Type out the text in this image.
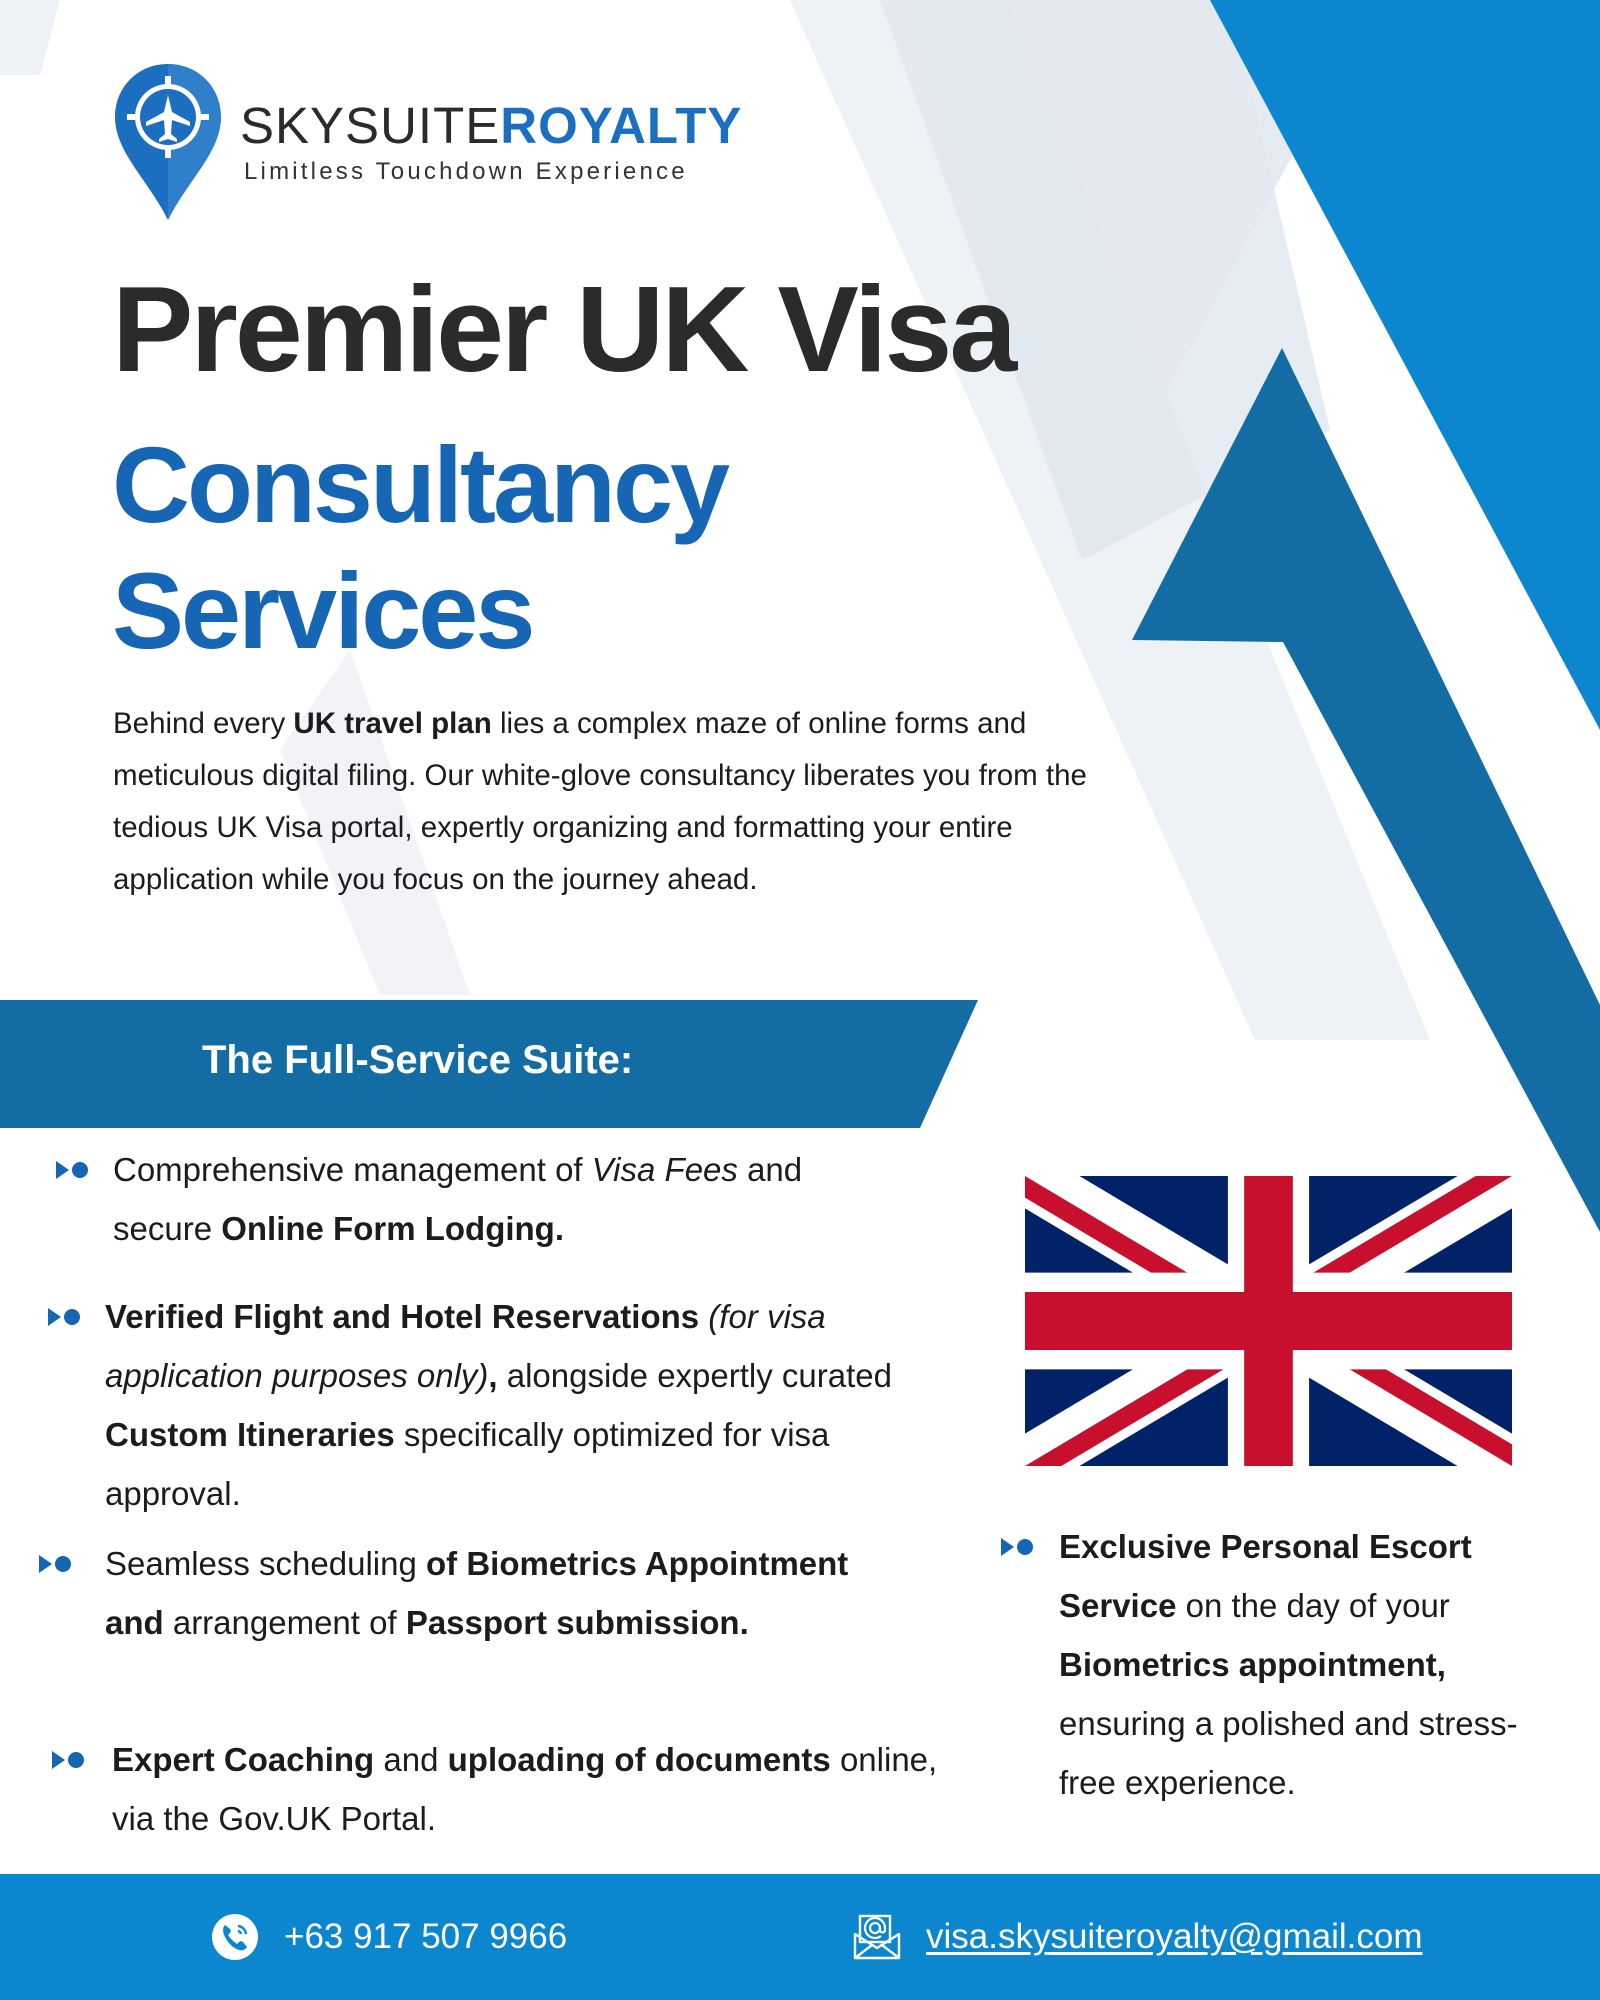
SKYSUITEROYALTY
Limitless Touchdown Experience
Premier UK Visa
Consultancy
Services
Behind every UK travel plan lies a complex maze of online forms and meticulous digital filing. Our white-glove consultancy liberates you from the tedious UK Visa portal, expertly organizing and formatting your entire application while you focus on the journey ahead.
The Full-Service Suite:
Comprehensive management of Visa Fees and secure Online Form Lodging.
Verified Flight and Hotel Reservations (for visa application purposes only), alongside expertly curated Custom Itineraries specifically optimized for visa approval.
Seamless scheduling of Biometrics Appointment and arrangement of Passport submission.
Expert Coaching and uploading of documents online, via the Gov.UK Portal.
Exclusive Personal Escort Service on the day of your Biometrics appointment, ensuring a polished and stress-free experience.
+63 917 507 9966	visa.skysuiteroyalty@gmail.com
